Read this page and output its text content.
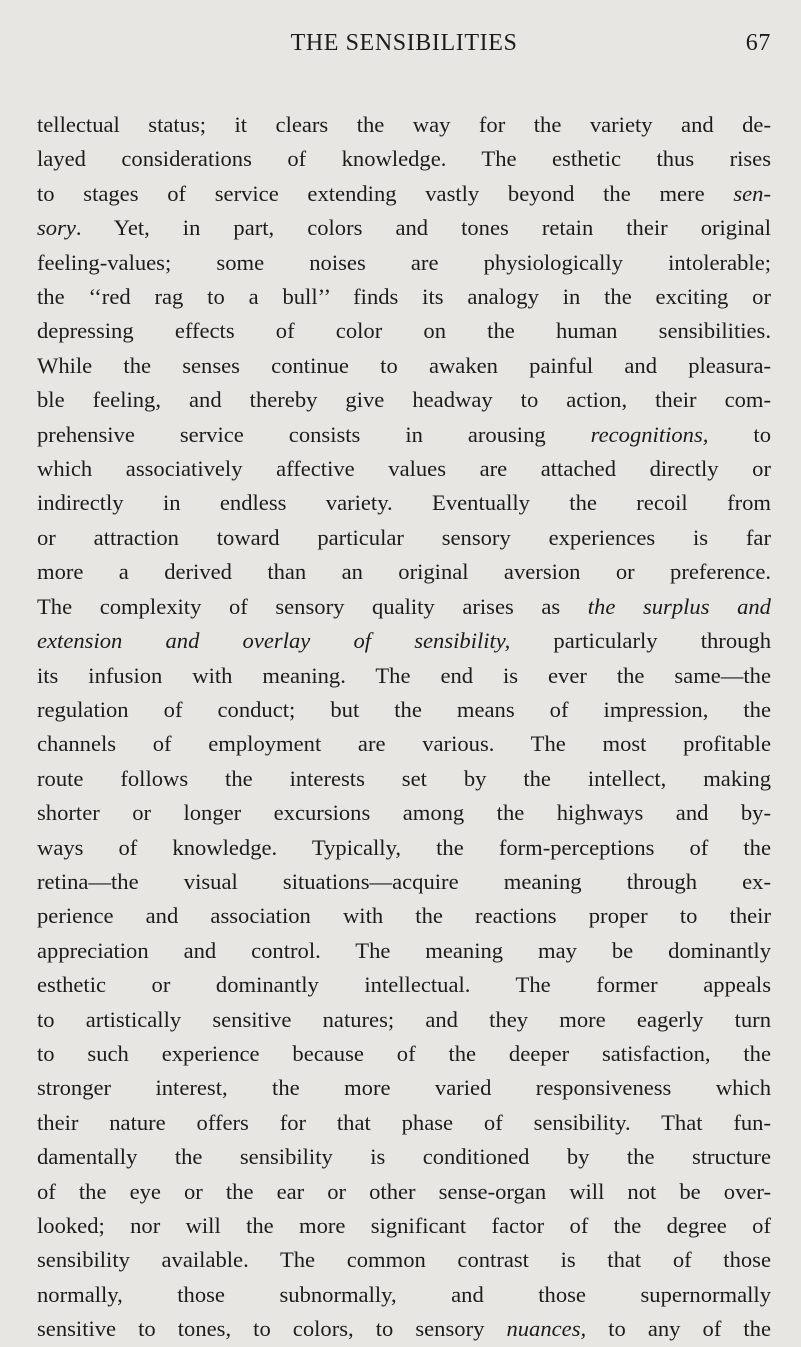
THE SENSIBILITIES	67
tellectual status; it clears the way for the variety and de-
layed considerations of knowledge. The esthetic thus rises
to stages of service extending vastly beyond the mere sen-
sory. Yet, in part, colors and tones retain their original
feeling-values; some noises are physiologically intolerable;
the ‘‘red rag to a bull’’ finds its analogy in the exciting or
depressing effects of color on the human sensibilities.
While the senses continue to awaken painful and pleasura-
ble feeling, and thereby give headway to action, their com-
prehensive service consists in arousing recognitions, to
which associatively affective values are attached directly or
indirectly in endless variety. Eventually the recoil from
or attraction toward particular sensory experiences is far
more a derived than an original aversion or preference.
The complexity of sensory quality arises as the surplus and
extension and overlay of sensibility, particularly through
its infusion with meaning. The end is ever the same—the
regulation of conduct; but the means of impression, the
channels of employment are various. The most profitable
route follows the interests set by the intellect, making
shorter or longer excursions among the highways and by-
ways of knowledge. Typically, the form-perceptions of the
retina—the visual situations—acquire meaning through ex-
perience and association with the reactions proper to their
appreciation and control. The meaning may be dominantly
esthetic or dominantly intellectual. The former appeals
to artistically sensitive natures; and they more eagerly turn
to such experience because of the deeper satisfaction, the
stronger interest, the more varied responsiveness which
their nature offers for that phase of sensibility. That fun-
damentally the sensibility is conditioned by the structure
of the eye or the ear or other sense-organ will not be over-
looked; nor will the more significant factor of the degree of
sensibility available. The common contrast is that of those
normally, those subnormally, and those supernormally
sensitive to tones, to colors, to sensory nuances, to any of the
